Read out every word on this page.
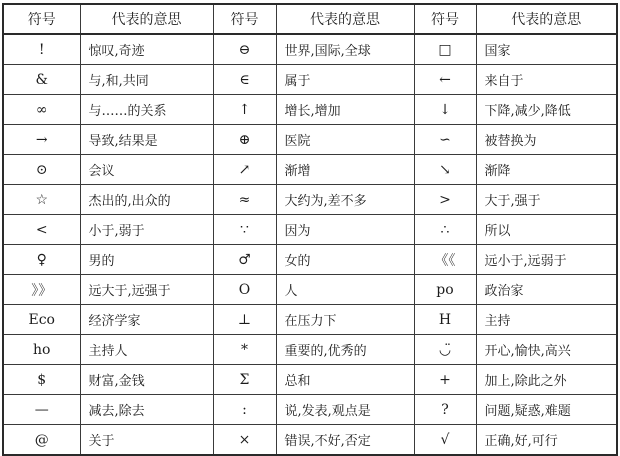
符号	代表的意思	符号	代表的意思	符号	代表的意思
!	惊叹,奇迹	⊖	世界,国际,全球	□	国家
&	与,和,共同	∈	属于	←	来自于
∞	与……的关系	↑	增长,增加	↓	下降,减少,降低
→	导致,结果是	⊕	医院	∽	被替换为
⊙	会议	↗	渐增	↘	渐降
☆	杰出的,出众的	≈	大约为,差不多	>	大于,强于
<	小于,弱于	∵	因为	∴	所以
♀	男的	♂	女的	《《	远小于,远弱于
》》	远大于,远强于	O	人	po	政治家
Eco	经济学家	⊥	在压力下	H	主持
ho	主持人	*	重要的,优秀的	◡̈	开心,愉快,高兴
$	财富,金钱	Σ	总和	+	加上,除此之外
—	减去,除去	:	说,发表,观点是	?	问题,疑惑,难题
@	关于	×	错误,不好,否定	√	正确,好,可行
